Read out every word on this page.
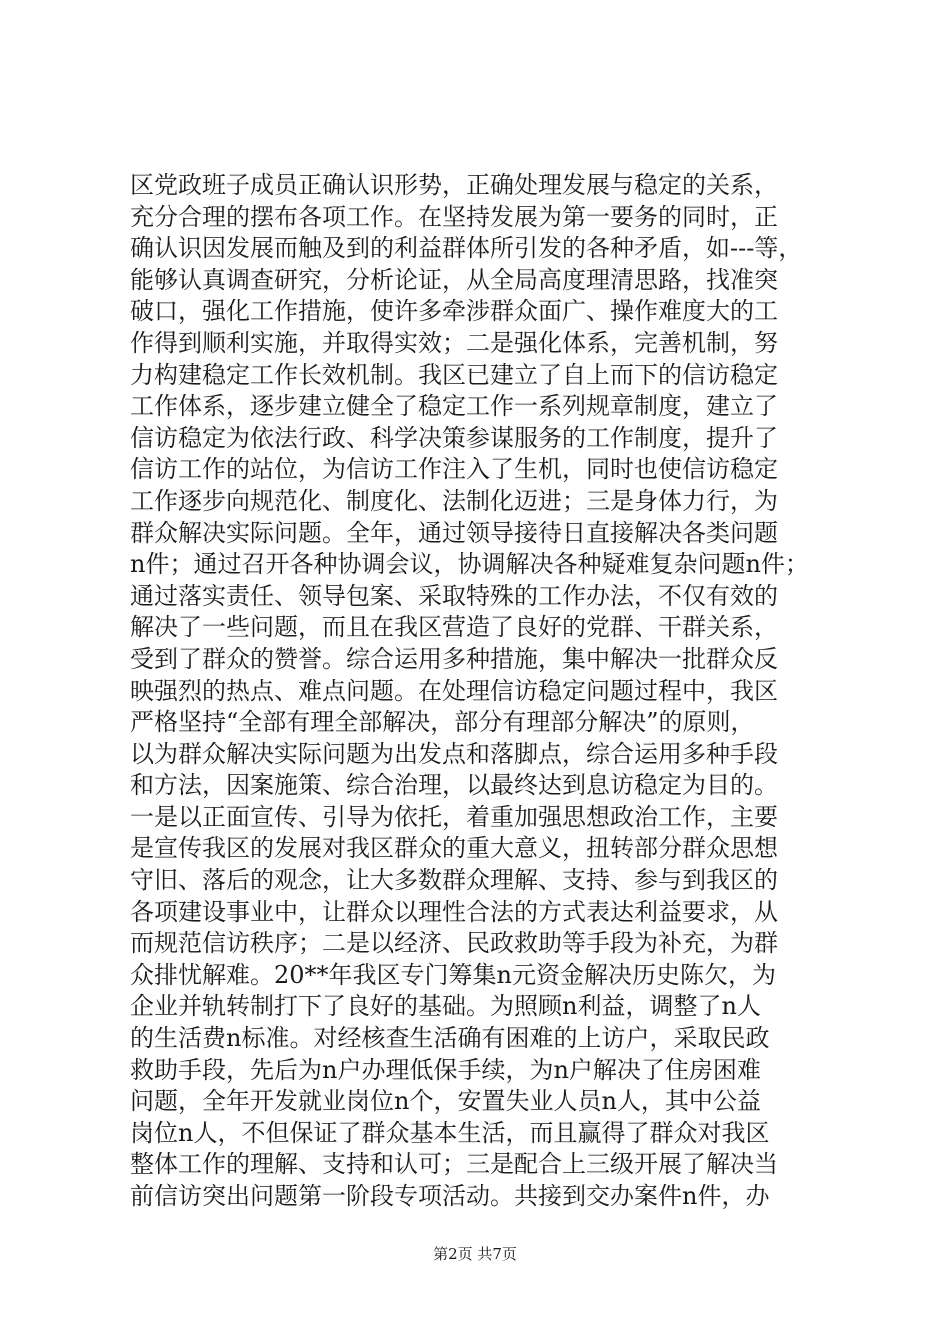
区党政班子成员正确认识形势，正确处理发展与稳定的关系，
充分合理的摆布各项工作。在坚持发展为第一要务的同时，正
确认识因发展而触及到的利益群体所引发的各种矛盾，如---等，
能够认真调查研究，分析论证，从全局高度理清思路，找准突
破口，强化工作措施，使许多牵涉群众面广、操作难度大的工
作得到顺利实施，并取得实效；二是强化体系，完善机制，努
力构建稳定工作长效机制。我区已建立了自上而下的信访稳定
工作体系，逐步建立健全了稳定工作一系列规章制度，建立了
信访稳定为依法行政、科学决策参谋服务的工作制度，提升了
信访工作的站位，为信访工作注入了生机，同时也使信访稳定
工作逐步向规范化、制度化、法制化迈进；三是身体力行，为
群众解决实际问题。全年，通过领导接待日直接解决各类问题
n件；通过召开各种协调会议，协调解决各种疑难复杂问题n件；
通过落实责任、领导包案、采取特殊的工作办法，不仅有效的
解决了一些问题，而且在我区营造了良好的党群、干群关系，
受到了群众的赞誉。综合运用多种措施，集中解决一批群众反
映强烈的热点、难点问题。在处理信访稳定问题过程中，我区
严格坚持“全部有理全部解决，部分有理部分解决”的原则，
以为群众解决实际问题为出发点和落脚点，综合运用多种手段
和方法，因案施策、综合治理，以最终达到息访稳定为目的。
一是以正面宣传、引导为依托，着重加强思想政治工作，主要
是宣传我区的发展对我区群众的重大意义，扭转部分群众思想
守旧、落后的观念，让大多数群众理解、支持、参与到我区的
各项建设事业中，让群众以理性合法的方式表达利益要求，从
而规范信访秩序；二是以经济、民政救助等手段为补充，为群
众排忧解难。20**年我区专门筹集n元资金解决历史陈欠，为
企业并轨转制打下了良好的基础。为照顾n利益，调整了n人
的生活费n标准。对经核查生活确有困难的上访户，采取民政
救助手段，先后为n户办理低保手续，为n户解决了住房困难
问题，全年开发就业岗位n个，安置失业人员n人，其中公益
岗位n人，不但保证了群众基本生活，而且赢得了群众对我区
整体工作的理解、支持和认可；三是配合上三级开展了解决当
前信访突出问题第一阶段专项活动。共接到交办案件n件，办
第2页 共7页
